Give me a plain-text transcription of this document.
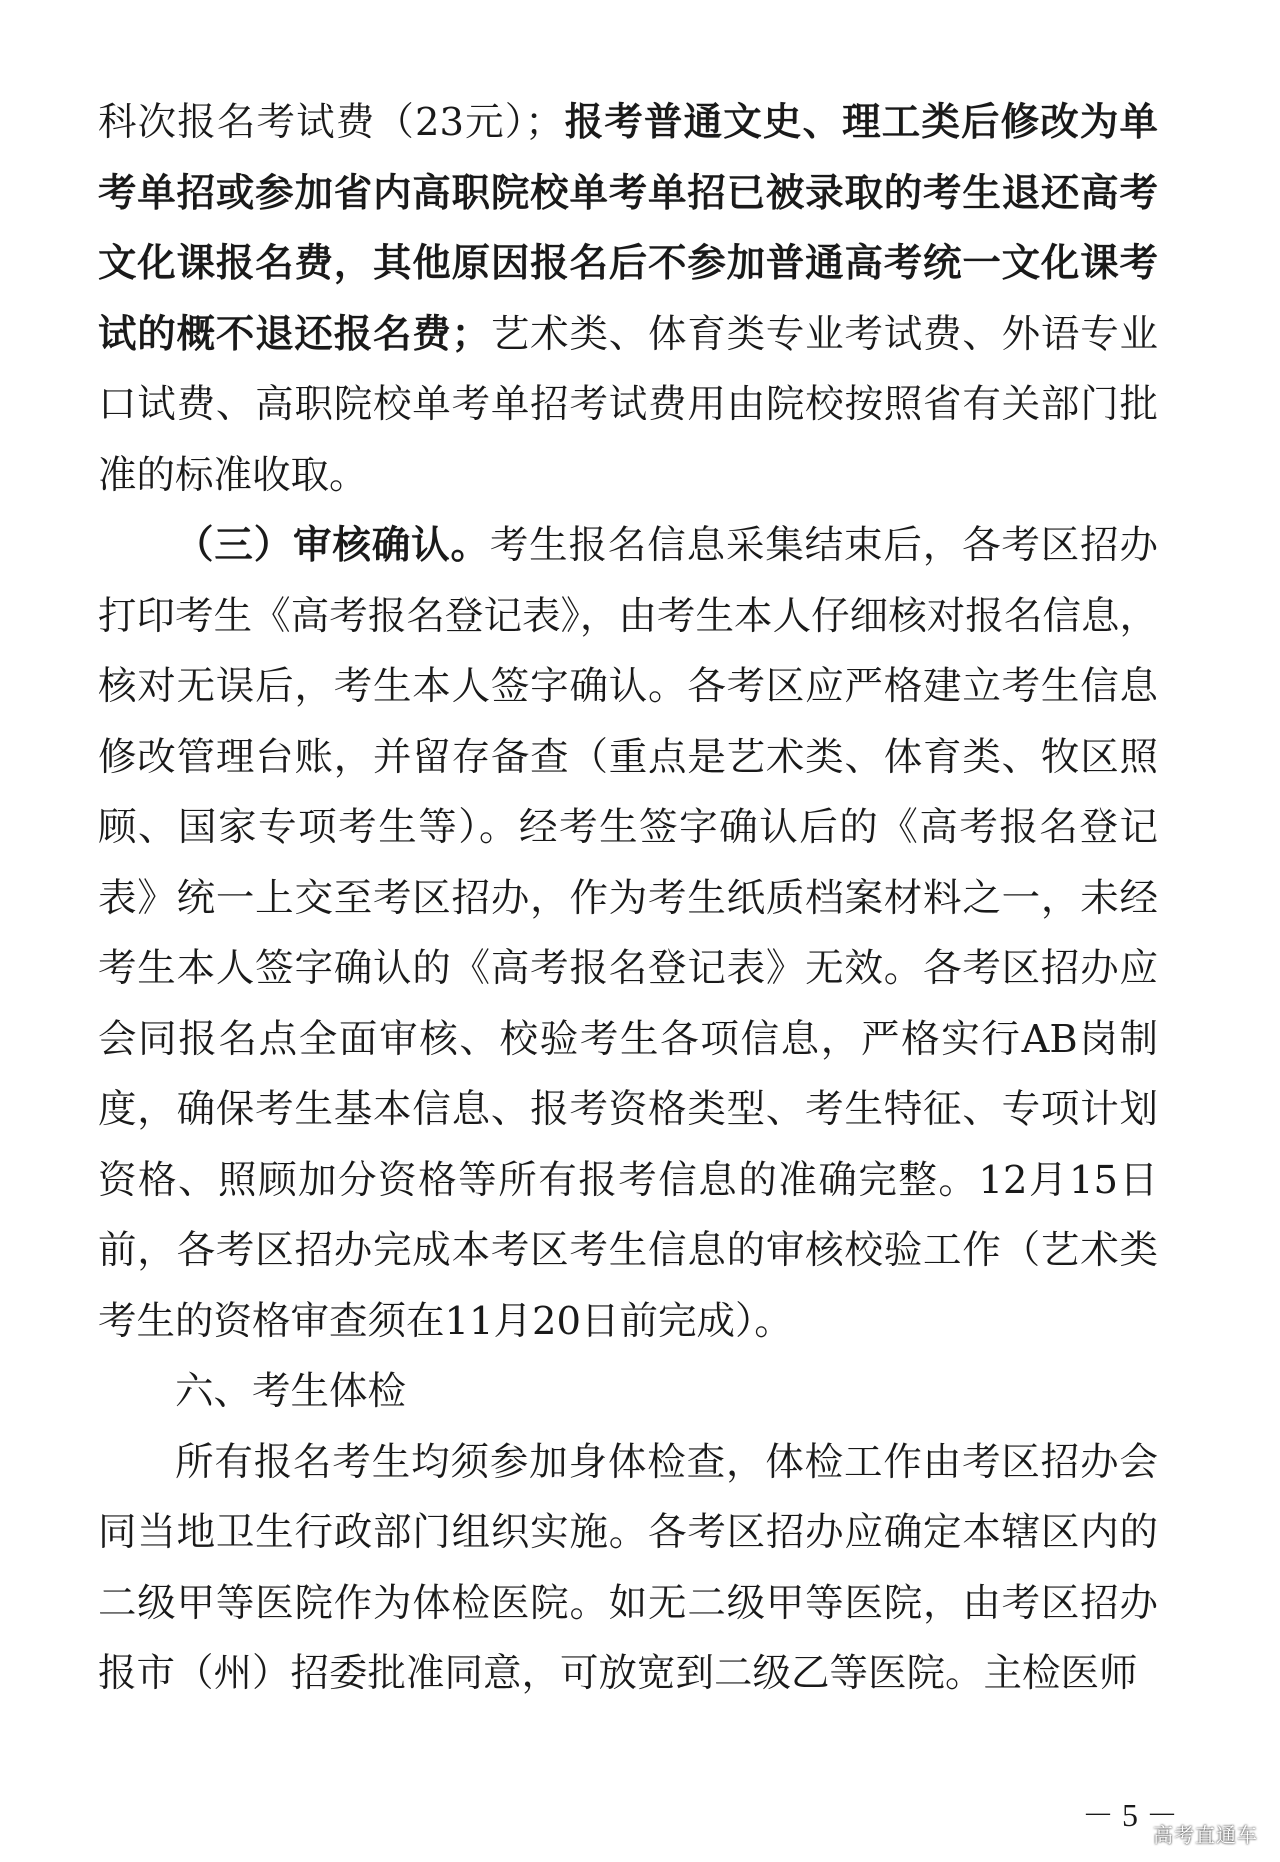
科次报名考试费（23元）；报考普通文史、理工类后修改为单考单招或参加省内高职院校单考单招已被录取的考生退还高考文化课报名费，其他原因报名后不参加普通高考统一文化课考试的概不退还报名费；艺术类、体育类专业考试费、外语专业口试费、高职院校单考单招考试费用由院校按照省有关部门批准的标准收取。

（三）审核确认。考生报名信息采集结束后，各考区招办打印考生《高考报名登记表》，由考生本人仔细核对报名信息，核对无误后，考生本人签字确认。各考区应严格建立考生信息修改管理台账，并留存备查（重点是艺术类、体育类、牧区照顾、国家专项考生等）。经考生签字确认后的《高考报名登记表》统一上交至考区招办，作为考生纸质档案材料之一，未经考生本人签字确认的《高考报名登记表》无效。各考区招办应会同报名点全面审核、校验考生各项信息，严格实行AB岗制度，确保考生基本信息、报考资格类型、考生特征、专项计划资格、照顾加分资格等所有报考信息的准确完整。12月15日前，各考区招办完成本考区考生信息的审核校验工作（艺术类考生的资格审查须在11月20日前完成）。

六、考生体检

所有报名考生均须参加身体检查，体检工作由考区招办会同当地卫生行政部门组织实施。各考区招办应确定本辖区内的二级甲等医院作为体检医院。如无二级甲等医院，由考区招办报市（州）招委批准同意，可放宽到二级乙等医院。主检医师

－ 5 －
高考直通车
